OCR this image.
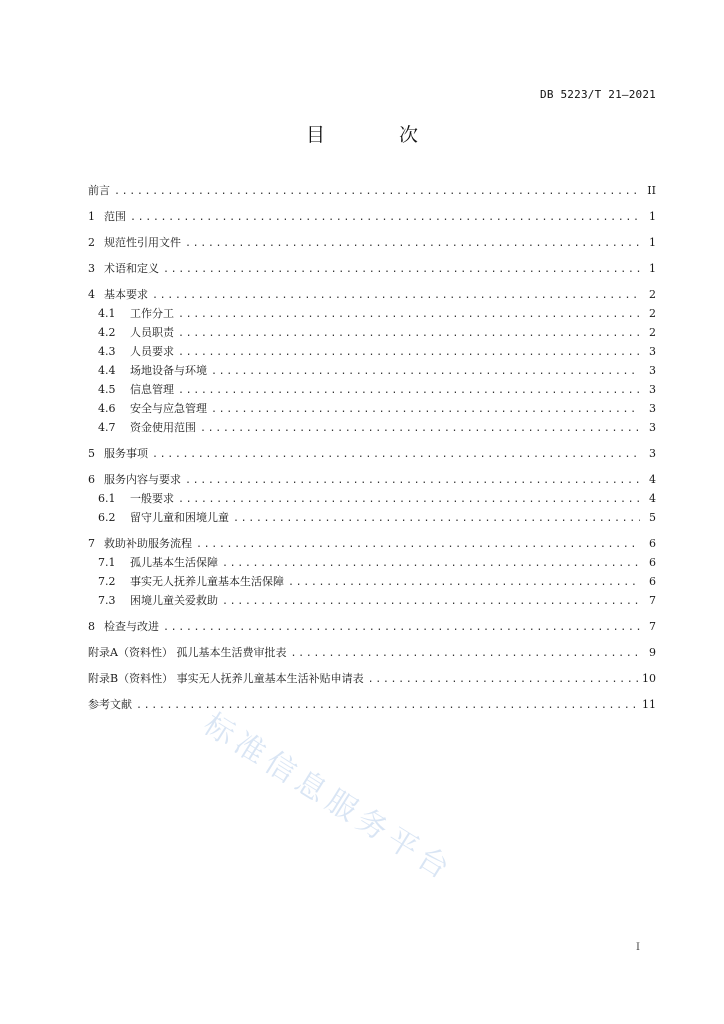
DB 5223/T 21—2021
目 次
前言 .....	II
1 范围 .....	1
2 规范性引用文件 .....	1
3 术语和定义 .....	1
4 基本要求 .....	2
4.1	工作分工 .....	2
4.2	人员职责 .....	2
4.3	人员要求 .....	3
4.4	场地设备与环境 .....	3
4.5	信息管理 .....	3
4.6	安全与应急管理 .....	3
4.7	资金使用范围 .....	3
5 服务事项 .....	3
6 服务内容与要求 .....	4
6.1	一般要求 .....	4
6.2	留守儿童和困境儿童 .....	5
7 救助补助服务流程 .....	6
7.1	孤儿基本生活保障 .....	6
7.2	事实无人抚养儿童基本生活保障 .....	6
7.3	困境儿童关爱救助 .....	7
8 检查与改进 .....	7
附录A（资料性） 孤儿基本生活费审批表 .....	9
附录B（资料性） 事实无人抚养儿童基本生活补贴申请表 .....	10
参考文献 .....	11
标准信息服务平台
I
